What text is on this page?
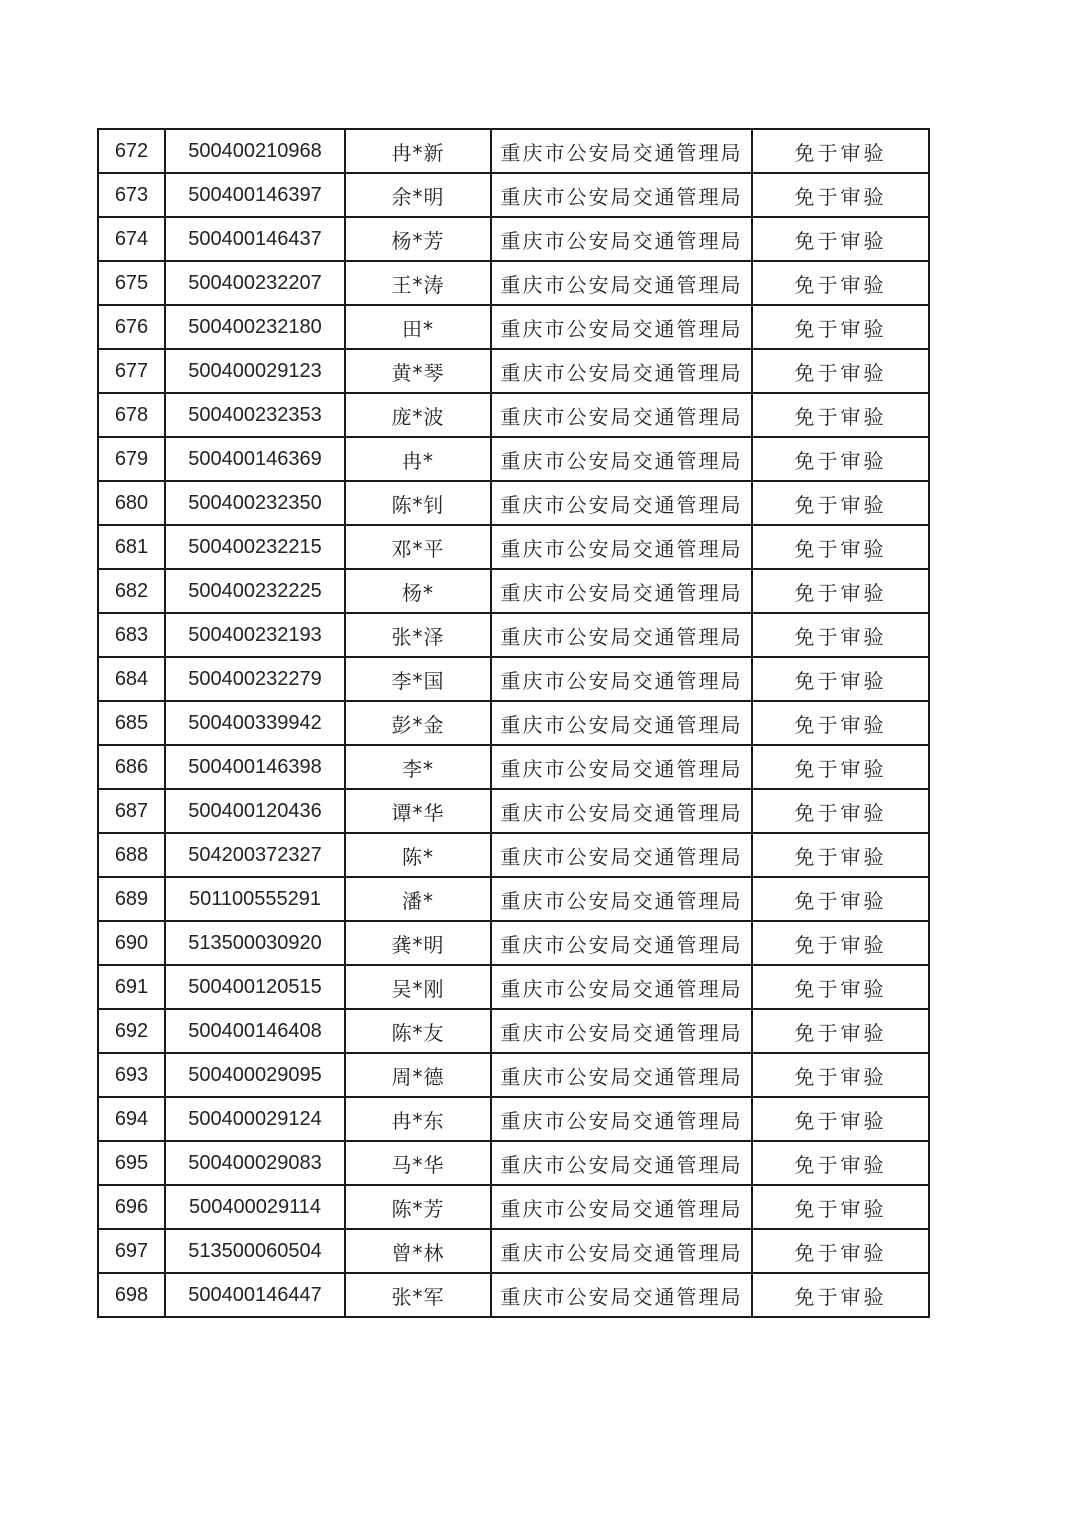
672	500400210968	冉*新	重庆市公安局交通管理局	免于审验
673	500400146397	余*明	重庆市公安局交通管理局	免于审验
674	500400146437	杨*芳	重庆市公安局交通管理局	免于审验
675	500400232207	王*涛	重庆市公安局交通管理局	免于审验
676	500400232180	田*	重庆市公安局交通管理局	免于审验
677	500400029123	黄*琴	重庆市公安局交通管理局	免于审验
678	500400232353	庞*波	重庆市公安局交通管理局	免于审验
679	500400146369	冉*	重庆市公安局交通管理局	免于审验
680	500400232350	陈*钊	重庆市公安局交通管理局	免于审验
681	500400232215	邓*平	重庆市公安局交通管理局	免于审验
682	500400232225	杨*	重庆市公安局交通管理局	免于审验
683	500400232193	张*泽	重庆市公安局交通管理局	免于审验
684	500400232279	李*国	重庆市公安局交通管理局	免于审验
685	500400339942	彭*金	重庆市公安局交通管理局	免于审验
686	500400146398	李*	重庆市公安局交通管理局	免于审验
687	500400120436	谭*华	重庆市公安局交通管理局	免于审验
688	504200372327	陈*	重庆市公安局交通管理局	免于审验
689	501100555291	潘*	重庆市公安局交通管理局	免于审验
690	513500030920	龚*明	重庆市公安局交通管理局	免于审验
691	500400120515	吴*刚	重庆市公安局交通管理局	免于审验
692	500400146408	陈*友	重庆市公安局交通管理局	免于审验
693	500400029095	周*德	重庆市公安局交通管理局	免于审验
694	500400029124	冉*东	重庆市公安局交通管理局	免于审验
695	500400029083	马*华	重庆市公安局交通管理局	免于审验
696	500400029114	陈*芳	重庆市公安局交通管理局	免于审验
697	513500060504	曾*林	重庆市公安局交通管理局	免于审验
698	500400146447	张*军	重庆市公安局交通管理局	免于审验
